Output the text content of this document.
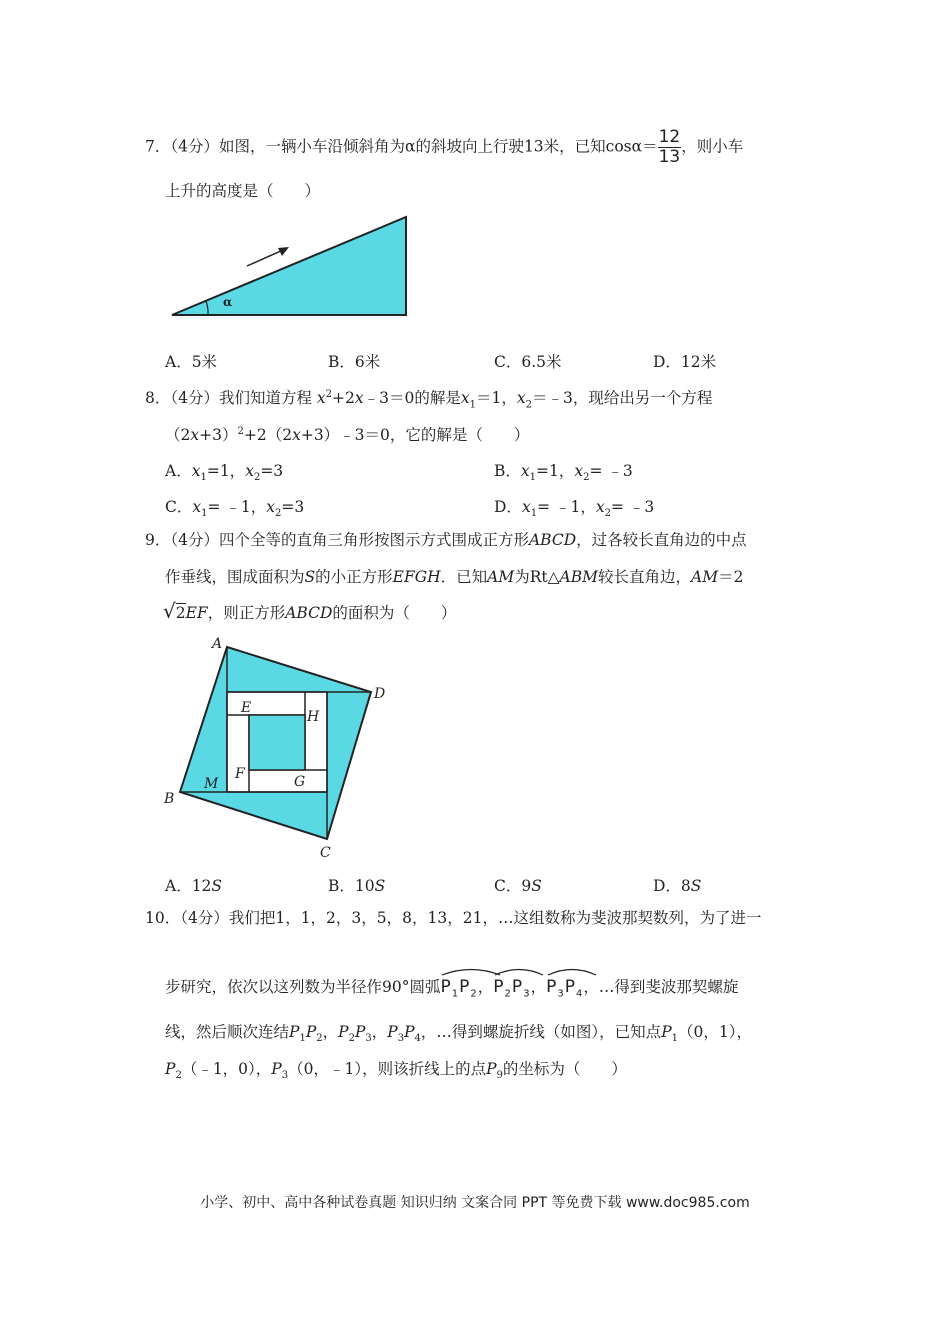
7．（4分）如图，一辆小车沿倾斜角为α的斜坡向上行驶13米，已知$\cos\alpha= \frac{12}{13}$ ，则小车
上升的高度是（　　）
α
A．5米	B．6米	C．6.5米	D．12米
8．（4分）我们知道方程 $x^2+2x﹣3=0$的解是$x_1=1$，$x_2=﹣3$，现给出另一个方程
$(2x+3)^2+2(2x+3)﹣3=0$，它的解是（　　）
A．$x_1=1$，$x_2=3$	B．$x_1=1$，$x_2=$ ﹣3
C．$x_1=$ ﹣1，$x_2=3$	D．$x_1=$ ﹣1，$x_2=$ ﹣3
9．（4分）四个全等的直角三角形按图示方式围成正方形ABCD，过各较长直角边的中点
作垂线，围成面积为S的小正方形EFGH．已知AM为Rt△ABM较长直角边，AM＝2
√2EF，则正方形ABCD的面积为（　　）
A
D
E
H
F	G
M
B
C
A．12S	B．10S	C．9S	D．8S
10．（4分）我们把1，1，2，3，5，8，13，21，…这组数称为斐波那契数列，为了进一
步研究，依次以这列数为半径作90°圆弧
$P_1P_2$，
$P_2P_3$，
$P_3P_4$，…得到斐波那契螺旋
线，然后顺次连结$P_1P_2$，$P_2P_3$，$P_3P_4$，…得到螺旋折线（如图），已知点$P_1(0$，1），
$P_2(﹣1$，0），$P_3(0$，﹣1），则该折线上的点$P_9$的坐标为（　　）
小学、初中、高中各种试卷真题 知识归纳 文案合同 PPT 等免费下载 www.doc985.com
